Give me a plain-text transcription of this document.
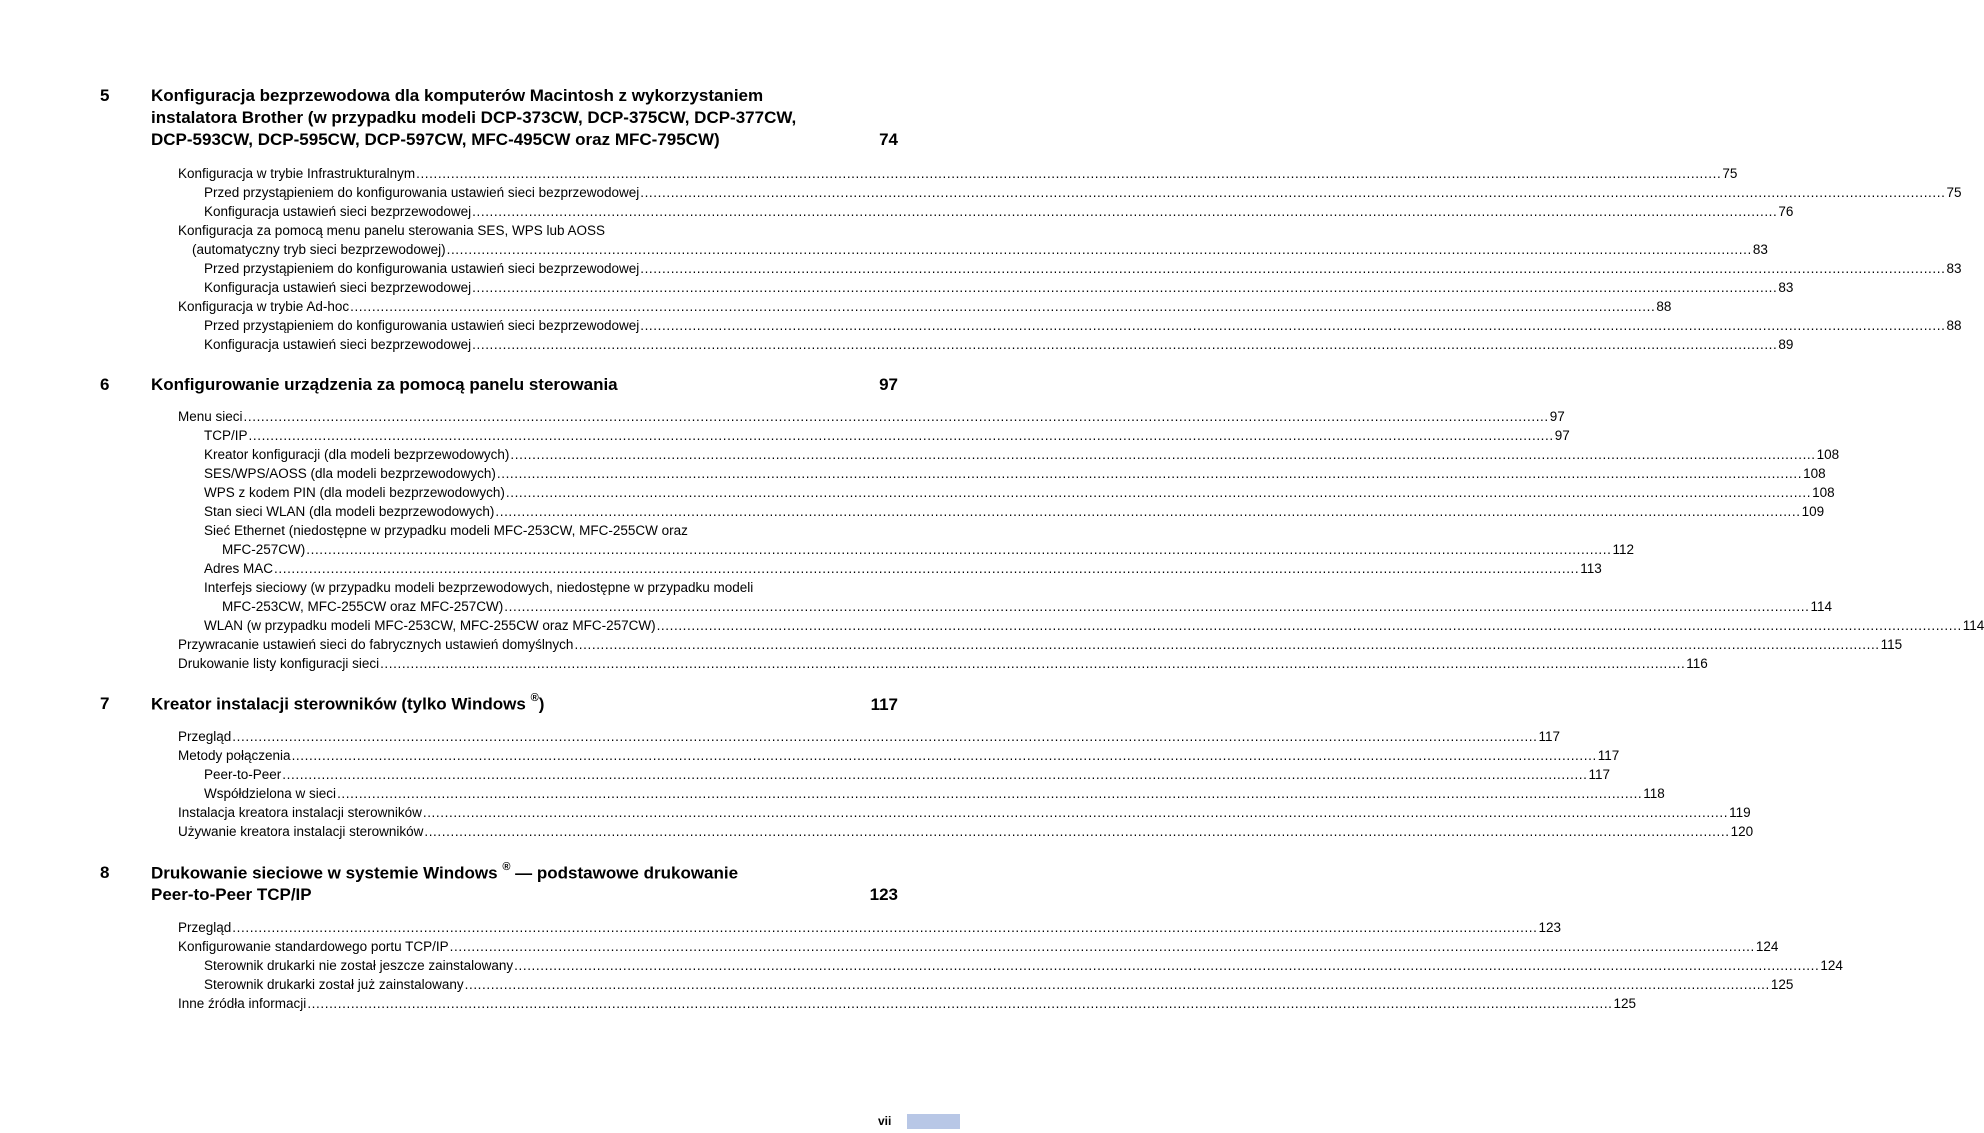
5 Konfiguracja bezprzewodowa dla komputerów Macintosh z wykorzystaniem
instalatora Brother (w przypadku modeli DCP-373CW, DCP-375CW, DCP-377CW,
DCP-593CW, DCP-595CW, DCP-597CW, MFC-495CW oraz MFC-795CW)	74
Konfiguracja w trybie Infrastrukturalnym ............................................................................................................................................................................................................................................................................................................ 75
Przed przystąpieniem do konfigurowania ustawień sieci bezprzewodowej ............................................................................................................................................................................................................................................................................................................ 75
Konfiguracja ustawień sieci bezprzewodowej ............................................................................................................................................................................................................................................................................................................ 76
Konfiguracja za pomocą menu panelu sterowania SES, WPS lub AOSS
(automatyczny tryb sieci bezprzewodowej) ............................................................................................................................................................................................................................................................................................................ 83
Przed przystąpieniem do konfigurowania ustawień sieci bezprzewodowej ............................................................................................................................................................................................................................................................................................................ 83
Konfiguracja ustawień sieci bezprzewodowej ............................................................................................................................................................................................................................................................................................................ 83
Konfiguracja w trybie Ad-hoc ............................................................................................................................................................................................................................................................................................................ 88
Przed przystąpieniem do konfigurowania ustawień sieci bezprzewodowej ............................................................................................................................................................................................................................................................................................................ 88
Konfiguracja ustawień sieci bezprzewodowej ............................................................................................................................................................................................................................................................................................................ 89
6 Konfigurowanie urządzenia za pomocą panelu sterowania	97
Menu sieci ............................................................................................................................................................................................................................................................................................................ 97
TCP/IP ............................................................................................................................................................................................................................................................................................................ 97
Kreator konfiguracji (dla modeli bezprzewodowych) ............................................................................................................................................................................................................................................................................................................ 108
SES/WPS/AOSS (dla modeli bezprzewodowych) ............................................................................................................................................................................................................................................................................................................ 108
WPS z kodem PIN (dla modeli bezprzewodowych) ............................................................................................................................................................................................................................................................................................................ 108
Stan sieci WLAN (dla modeli bezprzewodowych) ............................................................................................................................................................................................................................................................................................................ 109
Sieć Ethernet (niedostępne w przypadku modeli MFC-253CW, MFC-255CW oraz
MFC-257CW) ............................................................................................................................................................................................................................................................................................................ 112
Adres MAC ............................................................................................................................................................................................................................................................................................................ 113
Interfejs sieciowy (w przypadku modeli bezprzewodowych, niedostępne w przypadku modeli
MFC-253CW, MFC-255CW oraz MFC-257CW) ............................................................................................................................................................................................................................................................................................................ 114
WLAN (w przypadku modeli MFC-253CW, MFC-255CW oraz MFC-257CW) ............................................................................................................................................................................................................................................................................................................ 114
Przywracanie ustawień sieci do fabrycznych ustawień domyślnych ............................................................................................................................................................................................................................................................................................................ 115
Drukowanie listy konfiguracji sieci ............................................................................................................................................................................................................................................................................................................ 116
7 Kreator instalacji sterowników (tylko Windows ®)	117
Przegląd ............................................................................................................................................................................................................................................................................................................ 117
Metody połączenia ............................................................................................................................................................................................................................................................................................................ 117
Peer-to-Peer ............................................................................................................................................................................................................................................................................................................ 117
Współdzielona w sieci ............................................................................................................................................................................................................................................................................................................ 118
Instalacja kreatora instalacji sterowników ............................................................................................................................................................................................................................................................................................................ 119
Używanie kreatora instalacji sterowników ............................................................................................................................................................................................................................................................................................................ 120
8 Drukowanie sieciowe w systemie Windows ® — podstawowe drukowanie
Peer-to-Peer TCP/IP	123
Przegląd ............................................................................................................................................................................................................................................................................................................ 123
Konfigurowanie standardowego portu TCP/IP ............................................................................................................................................................................................................................................................................................................ 124
Sterownik drukarki nie został jeszcze zainstalowany ............................................................................................................................................................................................................................................................................................................ 124
Sterownik drukarki został już zainstalowany ............................................................................................................................................................................................................................................................................................................ 125
Inne źródła informacji ............................................................................................................................................................................................................................................................................................................ 125
vii
